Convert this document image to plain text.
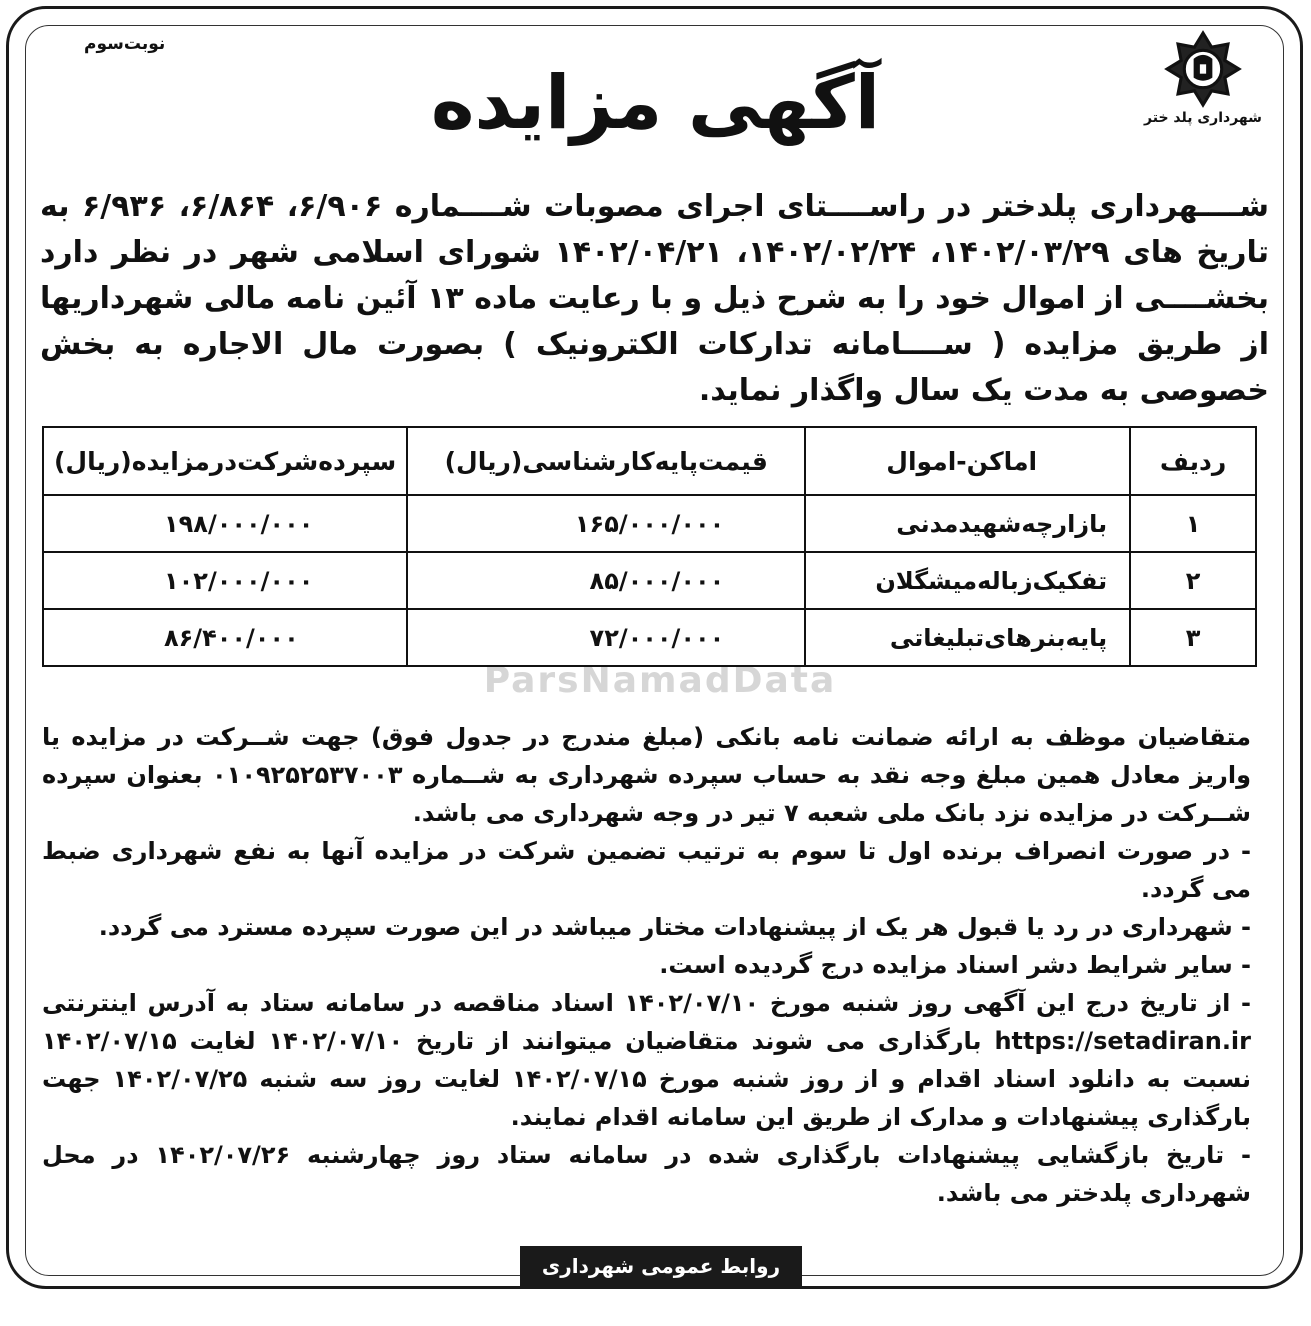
نوبت‌سوم
شهرداری پلد ختر
آگهی مزایده

شــــهرداری پلدختر در راســــتای اجرای مصوبات شــــماره ۶/۹۰۶، ۶/۸۶۴، ۶/۹۳۶ به تاریخ های ۱۴۰۲/۰۳/۲۹، ۱۴۰۲/۰۲/۲۴، ۱۴۰۲/۰۴/۲۱ شورای اسلامی شهر در نظر دارد بخشــــی از اموال خود را به شرح ذیل و با رعایت ماده ۱۳ آئین نامه مالی شهرداریها از طریق مزایده ( ســــامانه تدارکات الکترونیک ) بصورت مال الاجاره به بخش خصوصی به مدت یک سال واگذار نماید.

ParsNamadData
ردیف	اماکن-اموال	قیمت‌پایه‌کارشناسی(ریال)	سپرده‌شرکت‌درمزایده(ریال)
۱	بازارچه‌شهیدمدنی	۱۶۵/۰۰۰/۰۰۰	۱۹۸/۰۰۰/۰۰۰
۲	تفکیک‌زباله‌میشگلان	۸۵/۰۰۰/۰۰۰	۱۰۲/۰۰۰/۰۰۰
۳	پایه‌بنرهای‌تبلیغاتی	۷۲/۰۰۰/۰۰۰	۸۶/۴۰۰/۰۰۰

متقاضیان موظف به ارائه ضمانت نامه بانکی (مبلغ مندرج در جدول فوق) جهت شــرکت در مزایده یا واریز معادل همین مبلغ وجه نقد به حساب سپرده شهرداری به شــماره ۰۱۰۹۲۵۲۵۳۷۰۰۳ بعنوان سپرده شــرکت در مزایده نزد بانک ملی شعبه ۷ تیر در وجه شهرداری می باشد.

- در صورت انصراف برنده اول تا سوم به ترتیب تضمین شرکت در مزایده آنها به نفع شهرداری ضبط می گردد.

- شهرداری در رد یا قبول هر یک از پیشنهادات مختار میباشد در این صورت سپرده مسترد می گردد.

- سایر شرایط دشر اسناد مزایده درج گردیده است.

- از تاریخ درج این آگهی روز شنبه مورخ ۱۴۰۲/۰۷/۱۰ اسناد مناقصه در سامانه ستاد به آدرس اینترنتی https://setadiran.ir بارگذاری می شوند متقاضیان میتوانند از تاریخ ۱۴۰۲/۰۷/۱۰ لغایت ۱۴۰۲/۰۷/۱۵ نسبت به دانلود اسناد اقدام و از روز شنبه مورخ ۱۴۰۲/۰۷/۱۵ لغایت روز سه شنبه ۱۴۰۲/۰۷/۲۵ جهت بارگذاری پیشنهادات و مدارک از طریق این سامانه اقدام نمایند.

- تاریخ بازگشایی پیشنهادات بارگذاری شده در سامانه ستاد روز چهارشنبه ۱۴۰۲/۰۷/۲۶ در محل شهرداری پلدختر می باشد.

روابط عمومی شهرداری پلدختر
